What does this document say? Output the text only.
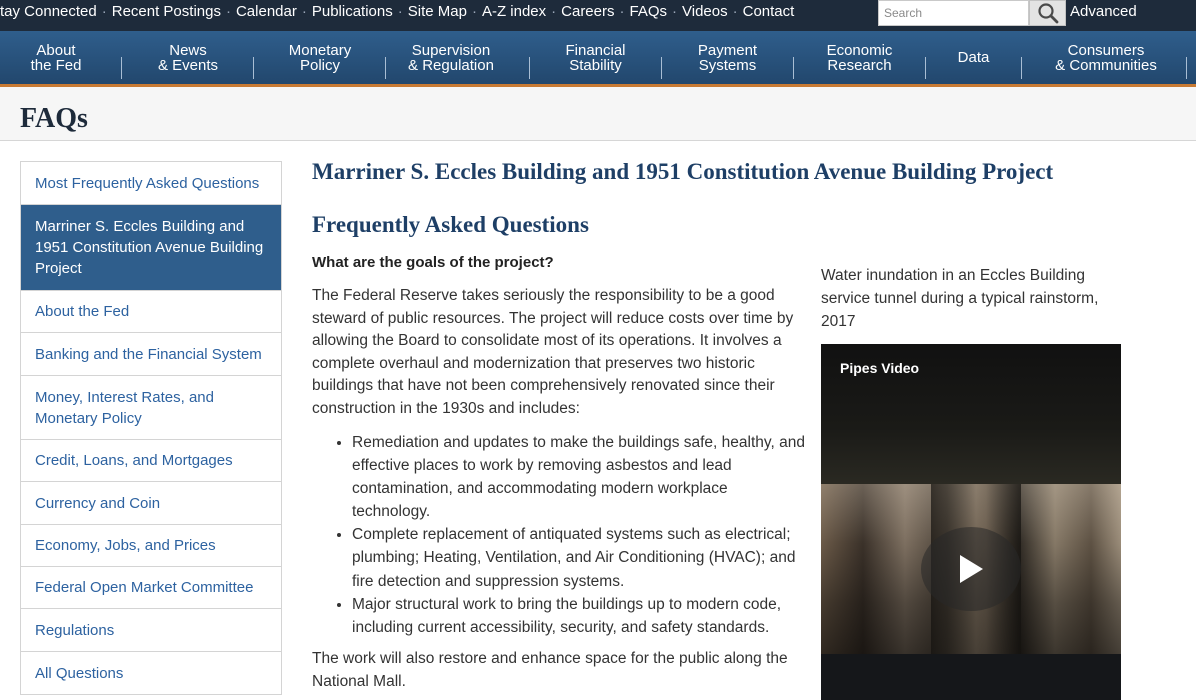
tay Connected · Recent Postings · Calendar · Publications · Site Map · A-Z index · Careers · FAQs · Videos · Contact
Search	Advanced
About
the Fed
News
& Events
Monetary
Policy
Supervision
& Regulation
Financial
Stability
Payment
Systems
Economic
Research	Data	Consumers
& Communities
FAQs
Most Frequently Asked Questions
Marriner S. Eccles Building and 1951 Constitution Avenue Building Project
About the Fed
Banking and the Financial System
Money, Interest Rates, and Monetary Policy
Credit, Loans, and Mortgages
Currency and Coin
Economy, Jobs, and Prices
Federal Open Market Committee
Regulations
All Questions
Marriner S. Eccles Building and 1951 Constitution Avenue Building Project
Frequently Asked Questions

What are the goals of the project?

The Federal Reserve takes seriously the responsibility to be a good steward of public resources. The project will reduce costs over time by allowing the Board to consolidate most of its operations. It involves a complete overhaul and modernization that preserves two historic buildings that have not been comprehensively renovated since their construction in the 1930s and includes:

• Remediation and updates to make the buildings safe, healthy, and effective places to work by removing asbestos and lead contamination, and accommodating modern workplace technology.
• Complete replacement of antiquated systems such as electrical; plumbing; Heating, Ventilation, and Air Conditioning (HVAC); and fire detection and suppression systems.
• Major structural work to bring the buildings up to modern code, including current accessibility, security, and safety standards.

The work will also restore and enhance space for the public along the National Mall.

Water inundation in an Eccles Building service tunnel during a typical rainstorm, 2017

Pipes Video
